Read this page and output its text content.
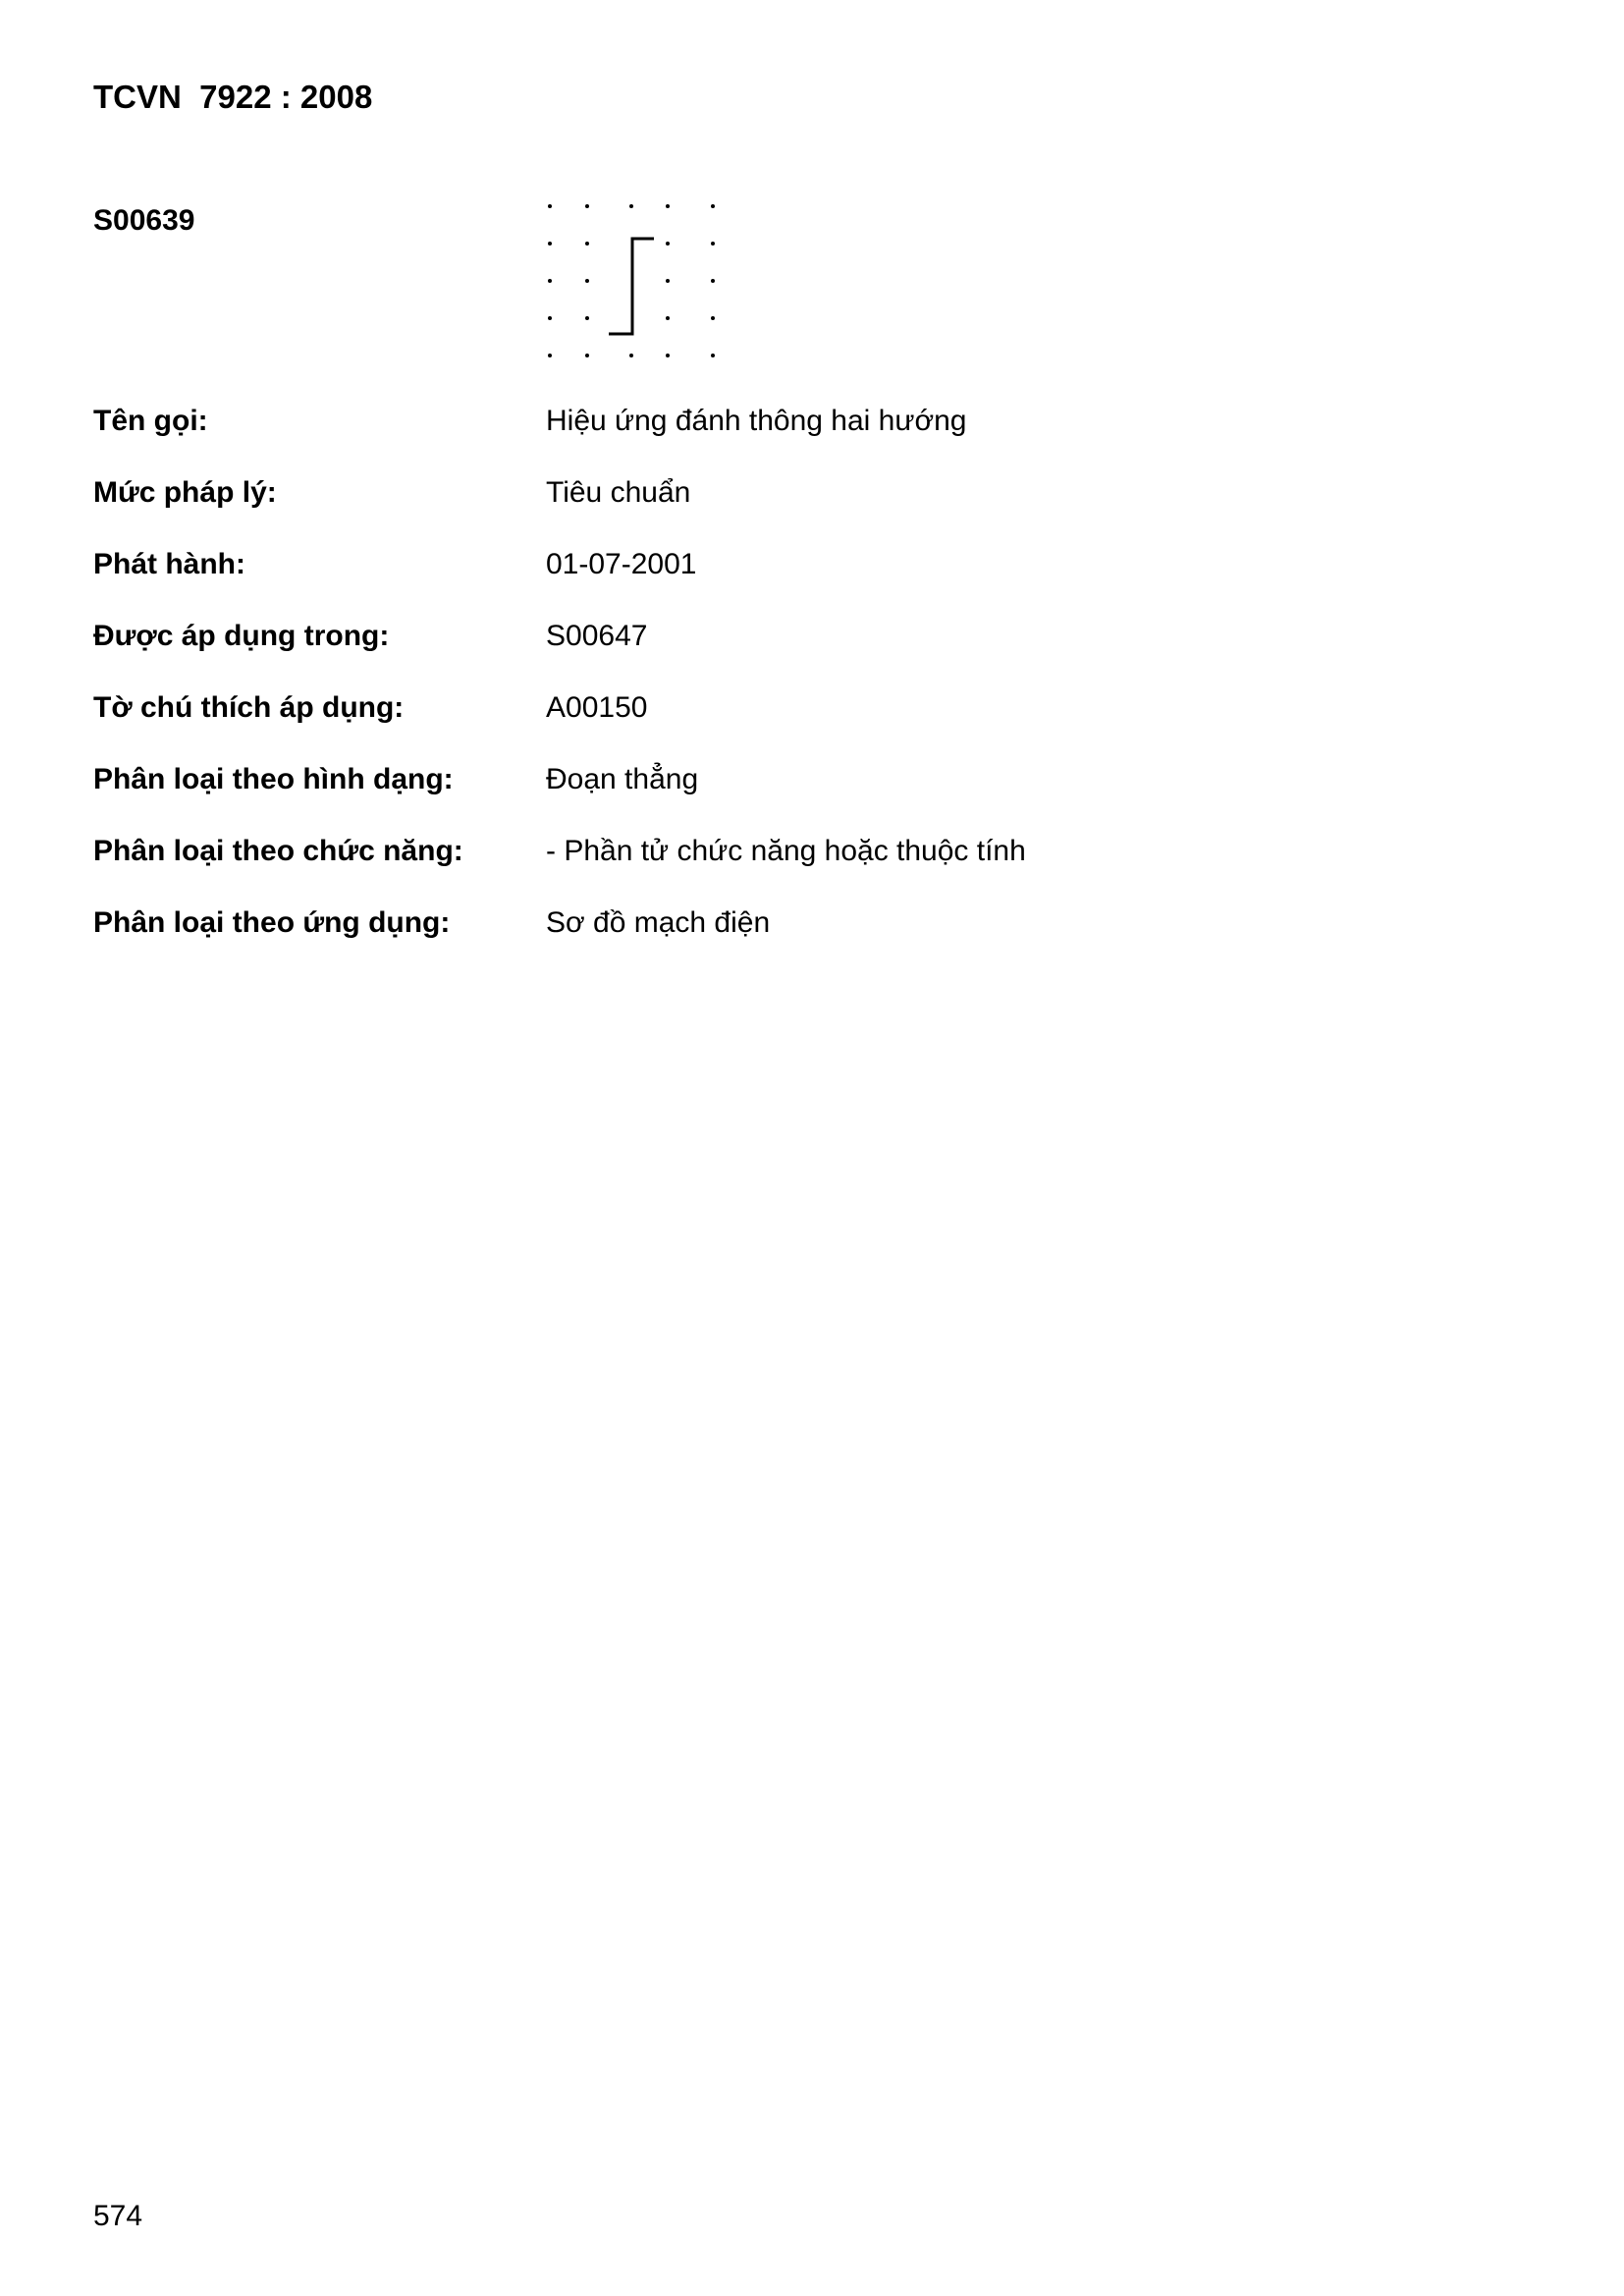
TCVN  7922 : 2008
S00639
Tên gọi:	Hiệu ứng đánh thông hai hướng
Mức pháp lý:	Tiêu chuẩn
Phát hành:	01-07-2001
Được áp dụng trong:	S00647
Tờ chú thích áp dụng:	A00150
Phân loại theo hình dạng:	Đoạn thẳng
Phân loại theo chức năng:	- Phần tử chức năng hoặc thuộc tính
Phân loại theo ứng dụng:	Sơ đồ mạch điện
574
